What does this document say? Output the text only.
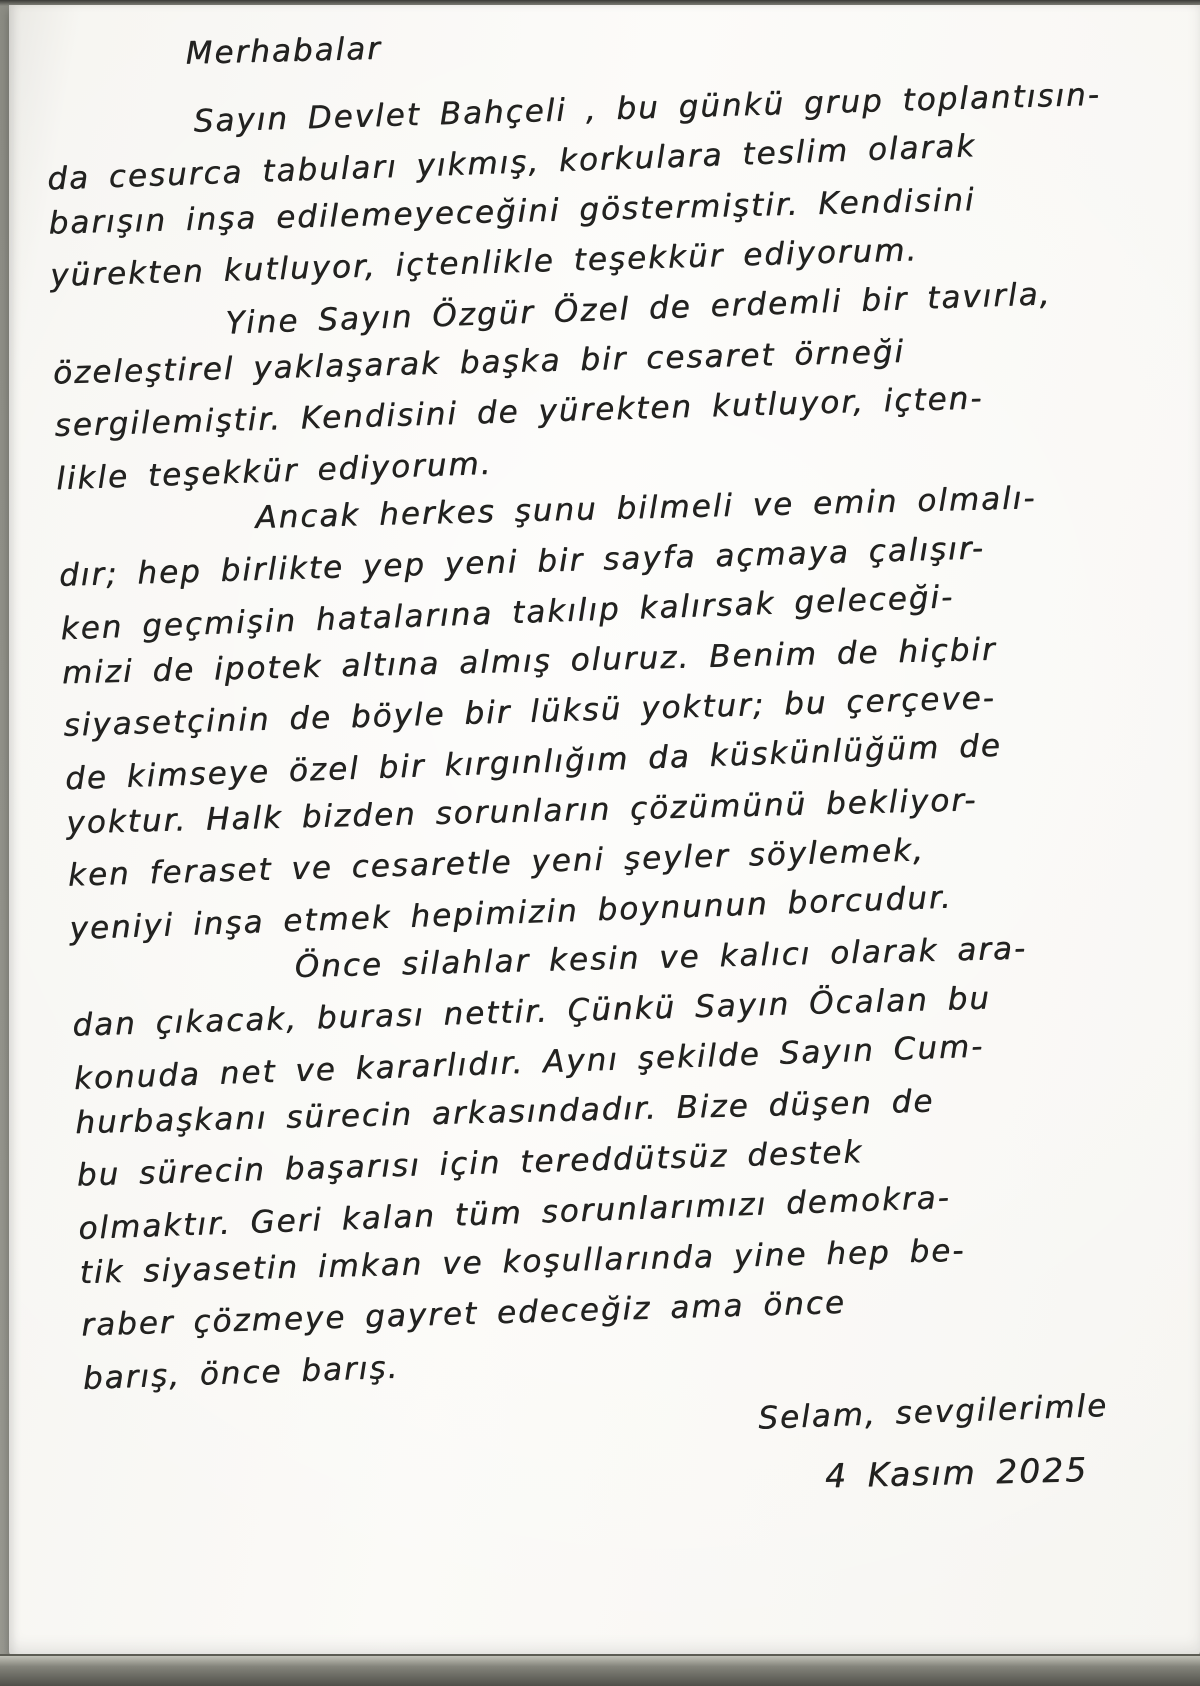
Merhabalar
Sayın Devlet Bahçeli , bu günkü grup toplantısın-
da cesurca tabuları yıkmış, korkulara teslim olarak
barışın inşa edilemeyeceğini göstermiştir. Kendisini
yürekten kutluyor, içtenlikle teşekkür ediyorum.
Yine Sayın Özgür Özel de erdemli bir tavırla,
özeleştirel yaklaşarak başka bir cesaret örneği
sergilemiştir. Kendisini de yürekten kutluyor, içten-
likle teşekkür ediyorum.
Ancak herkes şunu bilmeli ve emin olmalı-
dır; hep birlikte yep yeni bir sayfa açmaya çalışır-
ken geçmişin hatalarına takılıp kalırsak geleceği-
mizi de ipotek altına almış oluruz. Benim de hiçbir
siyasetçinin de böyle bir lüksü yoktur; bu çerçeve-
de kimseye özel bir kırgınlığım da küskünlüğüm de
yoktur. Halk bizden sorunların çözümünü bekliyor-
ken feraset ve cesaretle yeni şeyler söylemek,
yeniyi inşa etmek hepimizin boynunun borcudur.
Önce silahlar kesin ve kalıcı olarak ara-
dan çıkacak, burası nettir. Çünkü Sayın Öcalan bu
konuda net ve kararlıdır. Aynı şekilde Sayın Cum-
hurbaşkanı sürecin arkasındadır. Bize düşen de
bu sürecin başarısı için tereddütsüz destek
olmaktır. Geri kalan tüm sorunlarımızı demokra-
tik siyasetin imkan ve koşullarında yine hep be-
raber çözmeye gayret edeceğiz ama önce
barış, önce barış.
Selam, sevgilerimle
4 Kasım 2025
